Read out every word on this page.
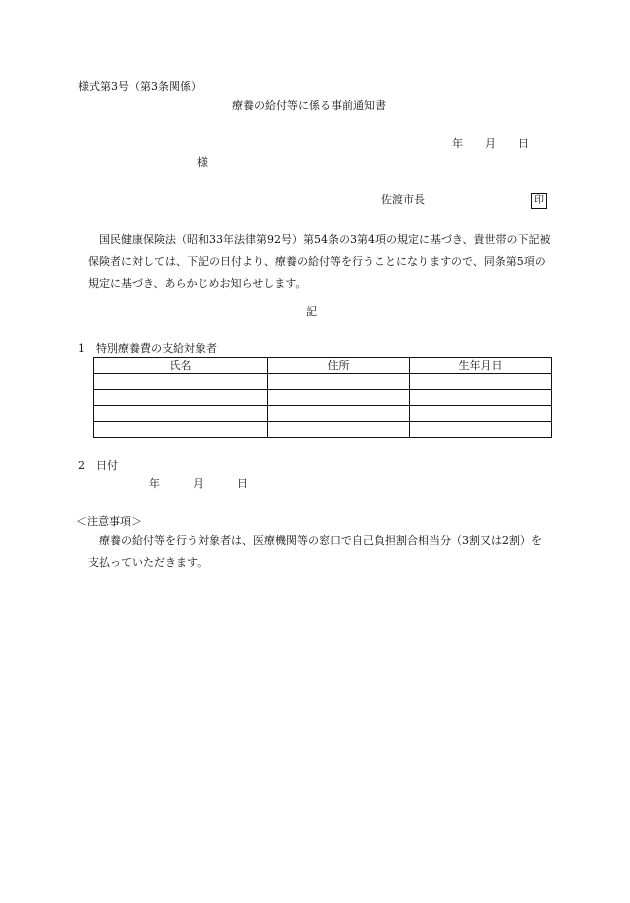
様式第3号（第3条関係）
療養の給付等に係る事前通知書
年　　月　　日
様
佐渡市長	印
国民健康保険法（昭和33年法律第92号）第54条の3第4項の規定に基づき、貴世帯の下記被保険者に対しては、下記の日付より、療養の給付等を行うことになりますので、同条第5項の規定に基づき、あらかじめお知らせします。
記
1　特別療養費の支給対象者
氏名	住所	生年月日

2　日付
年　　　月　　　日
＜注意事項＞
療養の給付等を行う対象者は、医療機関等の窓口で自己負担割合相当分（3割又は2割）を支払っていただきます。
